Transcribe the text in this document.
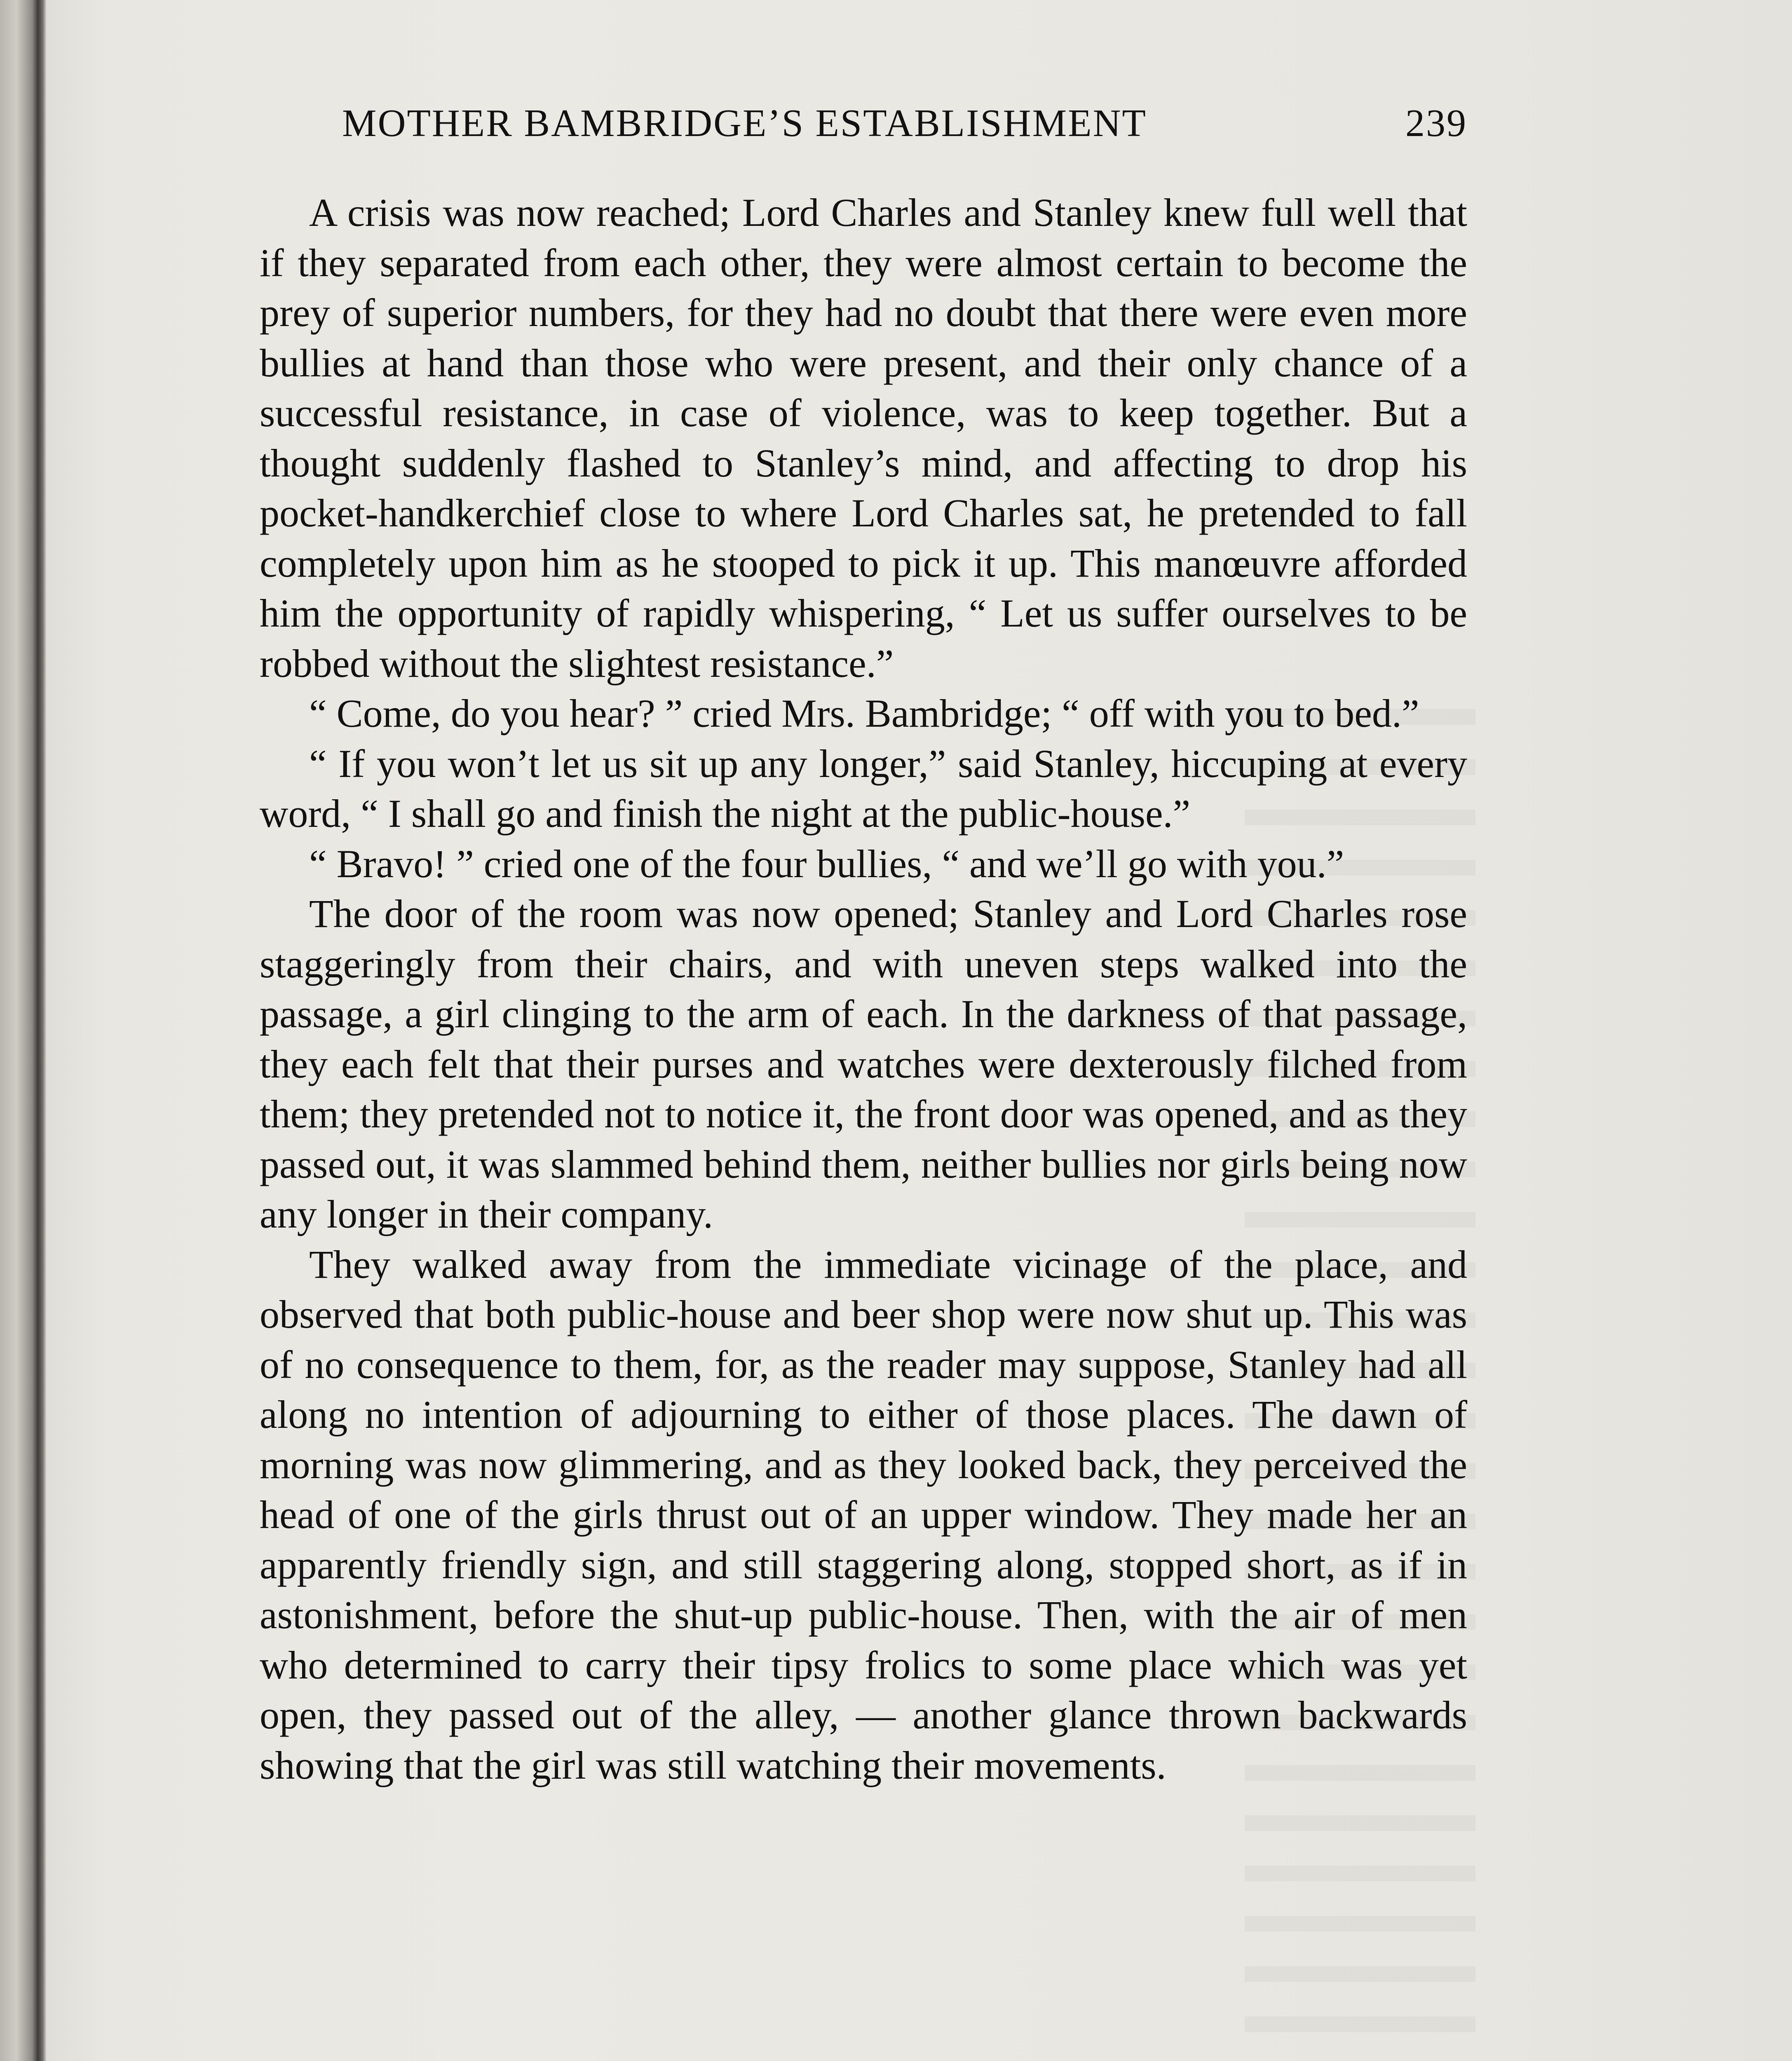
MOTHER BAMBRIDGE’S ESTABLISHMENT	239

A crisis was now reached; Lord Charles and Stanley knew full well that if they separated from each other, they were almost certain to become the prey of superior numbers, for they had no doubt that there were even more bullies at hand than those who were present, and their only chance of a successful resistance, in case of violence, was to keep together. But a thought suddenly flashed to Stanley’s mind, and affecting to drop his pocket-handkerchief close to where Lord Charles sat, he pretended to fall completely upon him as he stooped to pick it up. This manœuvre afforded him the opportunity of rapidly whispering, “ Let us suffer ourselves to be robbed without the slightest resistance.”

“ Come, do you hear? ” cried Mrs. Bambridge; “ off with you to bed.”

“ If you won’t let us sit up any longer,” said Stanley, hiccuping at every word, “ I shall go and finish the night at the public-house.”

“ Bravo! ” cried one of the four bullies, “ and we’ll go with you.”

The door of the room was now opened; Stanley and Lord Charles rose staggeringly from their chairs, and with uneven steps walked into the passage, a girl clinging to the arm of each. In the darkness of that passage, they each felt that their purses and watches were dexterously filched from them; they pretended not to notice it, the front door was opened, and as they passed out, it was slammed behind them, neither bullies nor girls being now any longer in their company.

They walked away from the immediate vicinage of the place, and observed that both public-house and beer shop were now shut up. This was of no consequence to them, for, as the reader may suppose, Stanley had all along no intention of adjourning to either of those places. The dawn of morning was now glimmering, and as they looked back, they perceived the head of one of the girls thrust out of an upper window. They made her an apparently friendly sign, and still staggering along, stopped short, as if in astonishment, before the shut-up public-house. Then, with the air of men who determined to carry their tipsy frolics to some place which was yet open, they passed out of the alley, — another glance thrown backwards showing that the girl was still watching their movements.
